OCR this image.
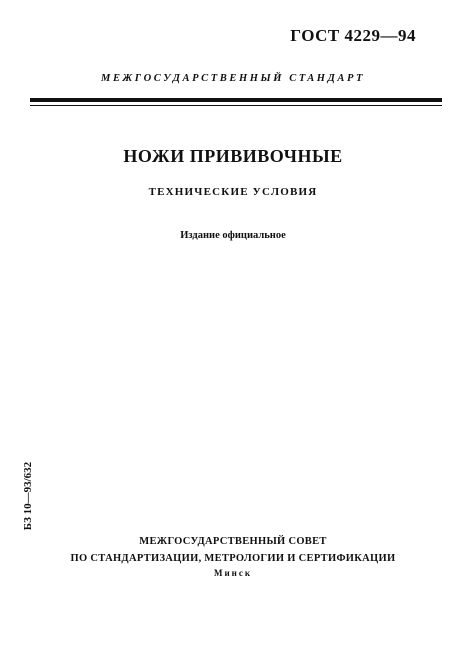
ГОСТ 4229—94
МЕЖГОСУДАРСТВЕННЫЙ СТАНДАРТ
НОЖИ ПРИВИВОЧНЫЕ
ТЕХНИЧЕСКИЕ УСЛОВИЯ
Издание официальное
БЗ 10—93/632
МЕЖГОСУДАРСТВЕННЫЙ СОВЕТ
ПО СТАНДАРТИЗАЦИИ, МЕТРОЛОГИИ И СЕРТИФИКАЦИИ
Минск
